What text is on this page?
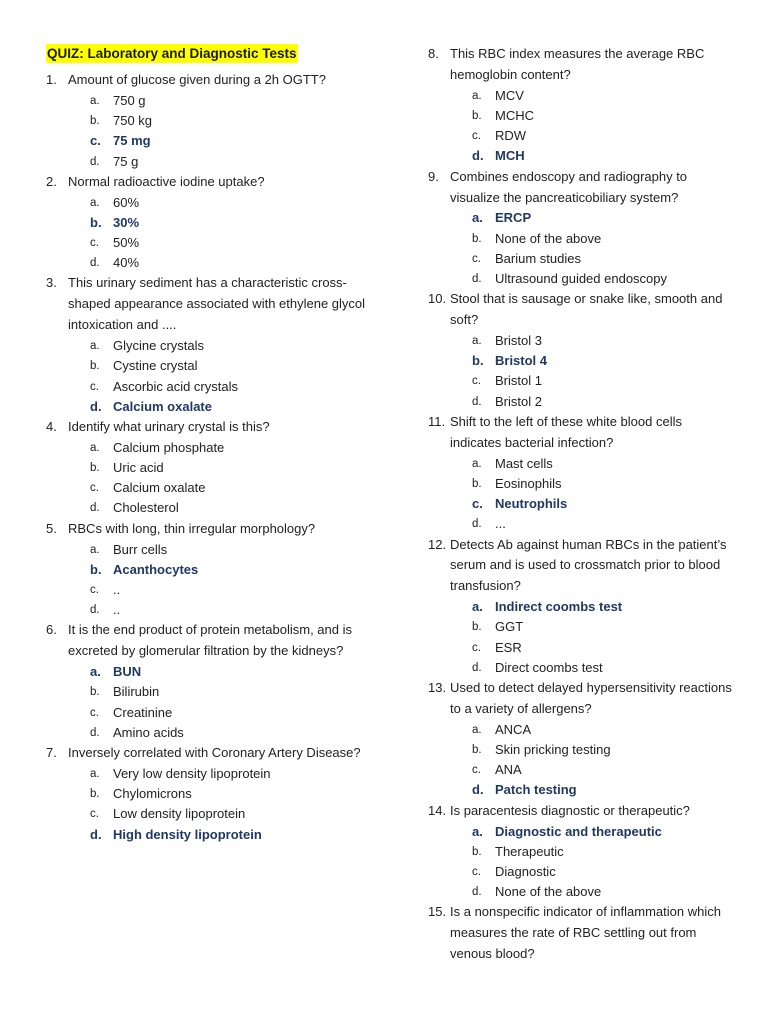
QUIZ: Laboratory and Diagnostic Tests
1. Amount of glucose given during a 2h OGTT?
a.	750 g
b.	750 kg
c. 75 mg
d.	75 g
2. Normal radioactive iodine uptake?
a.	60%
b. 30%
c.	50%
d.	40%
3. This urinary sediment has a characteristic cross-shaped appearance associated with ethylene glycol intoxication and ....
a.	Glycine crystals
b.	Cystine crystal
c.	Ascorbic acid crystals
d. Calcium oxalate
4. Identify what urinary crystal is this?
a.	Calcium phosphate
b.	Uric acid
c.	Calcium oxalate
d.	Cholesterol
5. RBCs with long, thin irregular morphology?
a.	Burr cells
b. Acanthocytes
c.	..
d.	..
6. It is the end product of protein metabolism, and is excreted by glomerular filtration by the kidneys?
a. BUN
b.	Bilirubin
c.	Creatinine
d.	Amino acids
7. Inversely correlated with Coronary Artery Disease?
a.	Very low density lipoprotein
b.	Chylomicrons
c.	Low density lipoprotein
d. High density lipoprotein
8. This RBC index measures the average RBC hemoglobin content?
a.	MCV
b.	MCHC
c.	RDW
d. MCH
9. Combines endoscopy and radiography to visualize the pancreaticobiliary system?
a. ERCP
b.	None of the above
c.	Barium studies
d.	Ultrasound guided endoscopy
10. Stool that is sausage or snake like, smooth and soft?
a.	Bristol 3
b. Bristol 4
c.	Bristol 1
d.	Bristol 2
11. Shift to the left of these white blood cells indicates bacterial infection?
a.	Mast cells
b.	Eosinophils
c. Neutrophils
d.	...
12. Detects Ab against human RBCs in the patient’s serum and is used to crossmatch prior to blood transfusion?
a. Indirect coombs test
b.	GGT
c.	ESR
d.	Direct coombs test
13. Used to detect delayed hypersensitivity reactions to a variety of allergens?
a.	ANCA
b.	Skin pricking testing
c.	ANA
d. Patch testing
14. Is paracentesis diagnostic or therapeutic?
a. Diagnostic and therapeutic
b.	Therapeutic
c.	Diagnostic
d.	None of the above
15. Is a nonspecific indicator of inflammation which measures the rate of RBC settling out from venous blood?
